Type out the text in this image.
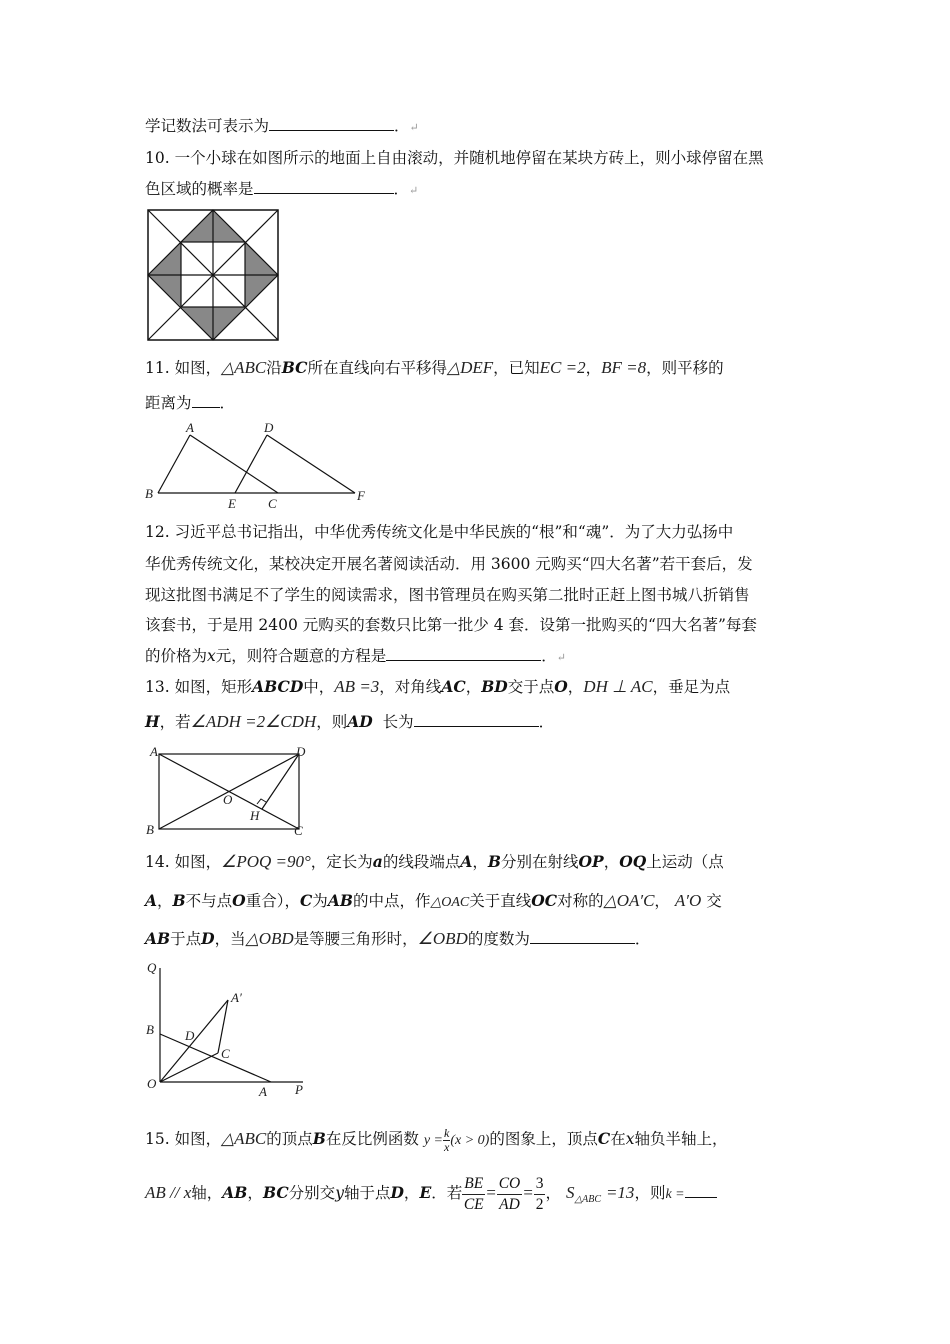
学记数法可表示为	．↵
10. 一个小球在如图所示的地面上自由滚动，并随机地停留在某块方砖上，则小球停留在黑
色区域的概率是	．↵
11. 如图，△ABC沿BC所在直线向右平移得△DEF，已知EC =2，BF =8，则平移的
距离为 ．
A	D
B
E C
F
12. 习近平总书记指出，中华优秀传统文化是中华民族的“根”和“魂”．为了大力弘扬中
华优秀传统文化，某校决定开展名著阅读活动．用 3600 元购买“四大名著”若干套后，发
现这批图书满足不了学生的阅读需求，图书管理员在购买第二批时正赶上图书城八折销售
该套书，于是用 2400 元购买的套数只比第一批少 4 套．设第一批购买的“四大名著”每套
的价格为x元，则符合题意的方程是	．↵
13. 如图，矩形ABCD中，AB =3，对角线AC，BD交于点O，DH ⊥ AC，垂足为点
H，若∠ADH =2∠CDH，则AD 长为	．
A	D
O
H
B	C
14. 如图，∠POQ =90°，定长为a的线段端点A，B分别在射线OP，OQ上运动（点
A，B不与点O重合），C为AB的中点，作△OAC关于直线OC对称的△OA′C， A′O 交
AB于点D，当△OBD是等腰三角形时，∠OBD的度数为	．
Q
A′
B D
C
O
A P
15. 如图，△ABC的顶点B在反比例函数 $y = \frac{k}{x} (x > 0)$的图象上，顶点C在x轴负半轴上，
AB // x轴，AB，BC分别交y轴于点D，E．若 $\frac{BE}{CE} = \frac{CO}{AD} = \frac{3}{2}$ ， $S_{\triangle ABC} =13$，则k =
